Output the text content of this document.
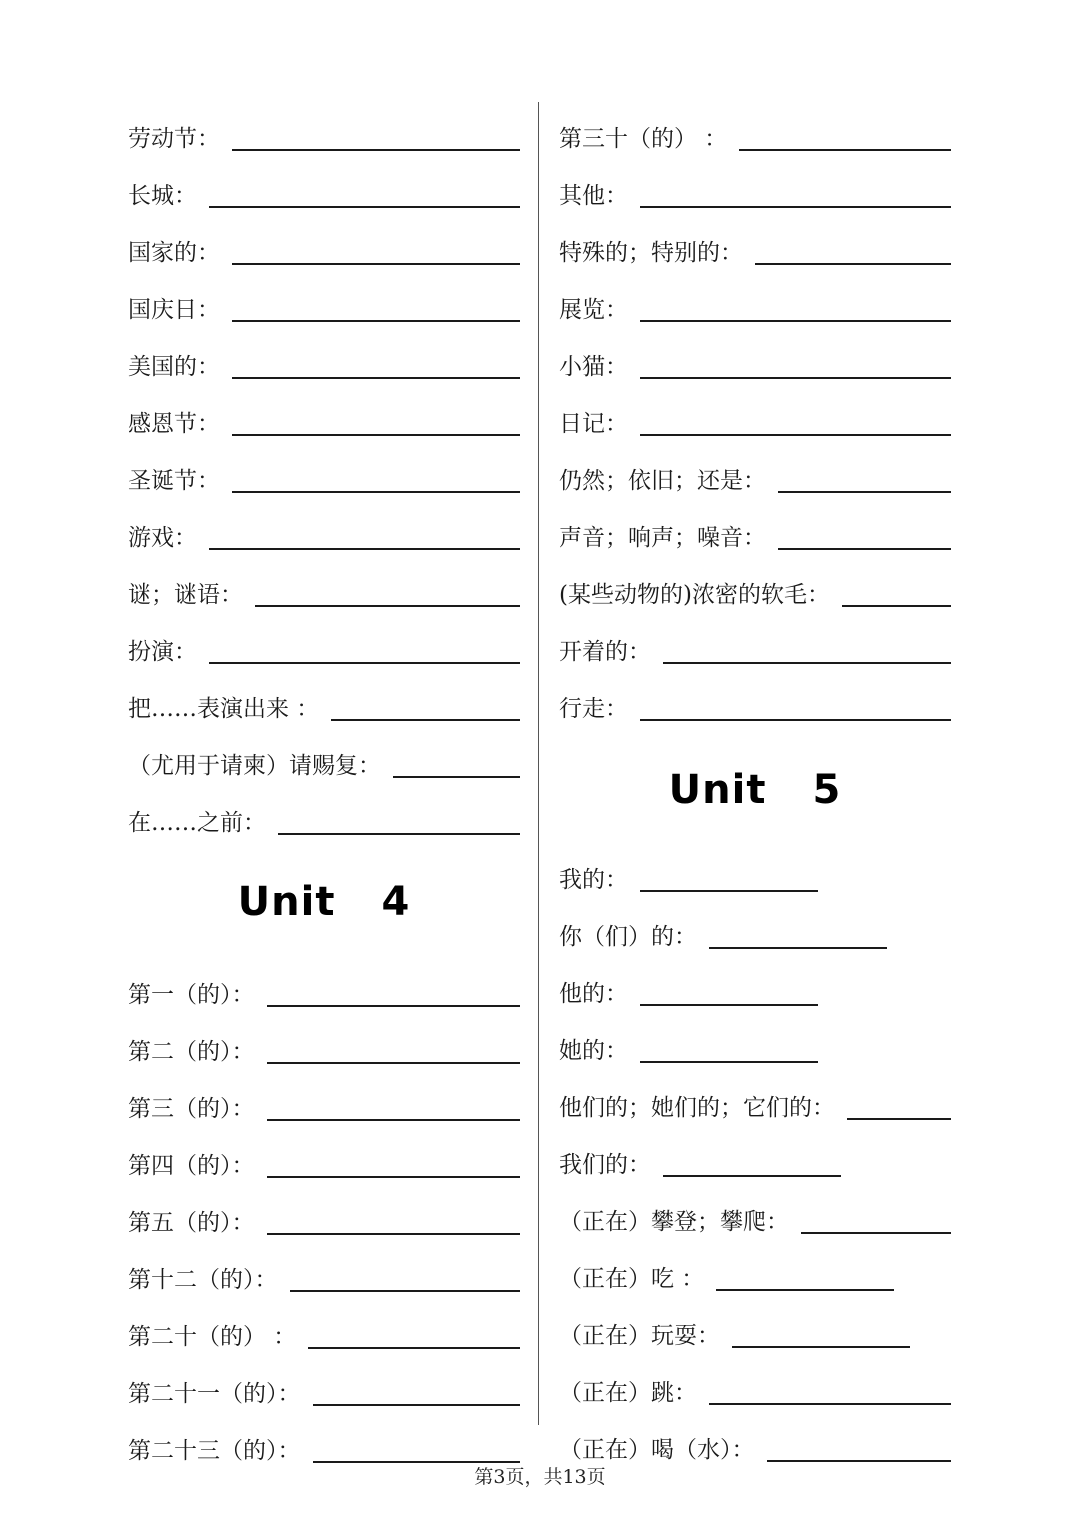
劳动节：
长城：
国家的：
国庆日：
美国的：
感恩节：
圣诞节：
游戏：
谜；谜语：
扮演：
把……表演出来 ：
（尤用于请柬）请赐复：
在……之前：
Unit 4
第一（的）：
第二（的）：
第三（的）：
第四（的）：
第五（的）：
第十二（的）：
第二十（的） ：
第二十一（的）：
第二十三（的）：
第三十（的） ：
其他：
特殊的；特别的：
展览：
小猫：
日记：
仍然；依旧；还是：
声音；响声；噪音：
(某些动物的)浓密的软毛：
开着的：
行走：
Unit 5
我的：
你（们）的：
他的：
她的：
他们的；她们的；它们的：
我们的：
（正在）攀登；攀爬：
（正在）吃 ：
（正在）玩耍：
（正在）跳：
（正在）喝（水）：
第3页，共13页
